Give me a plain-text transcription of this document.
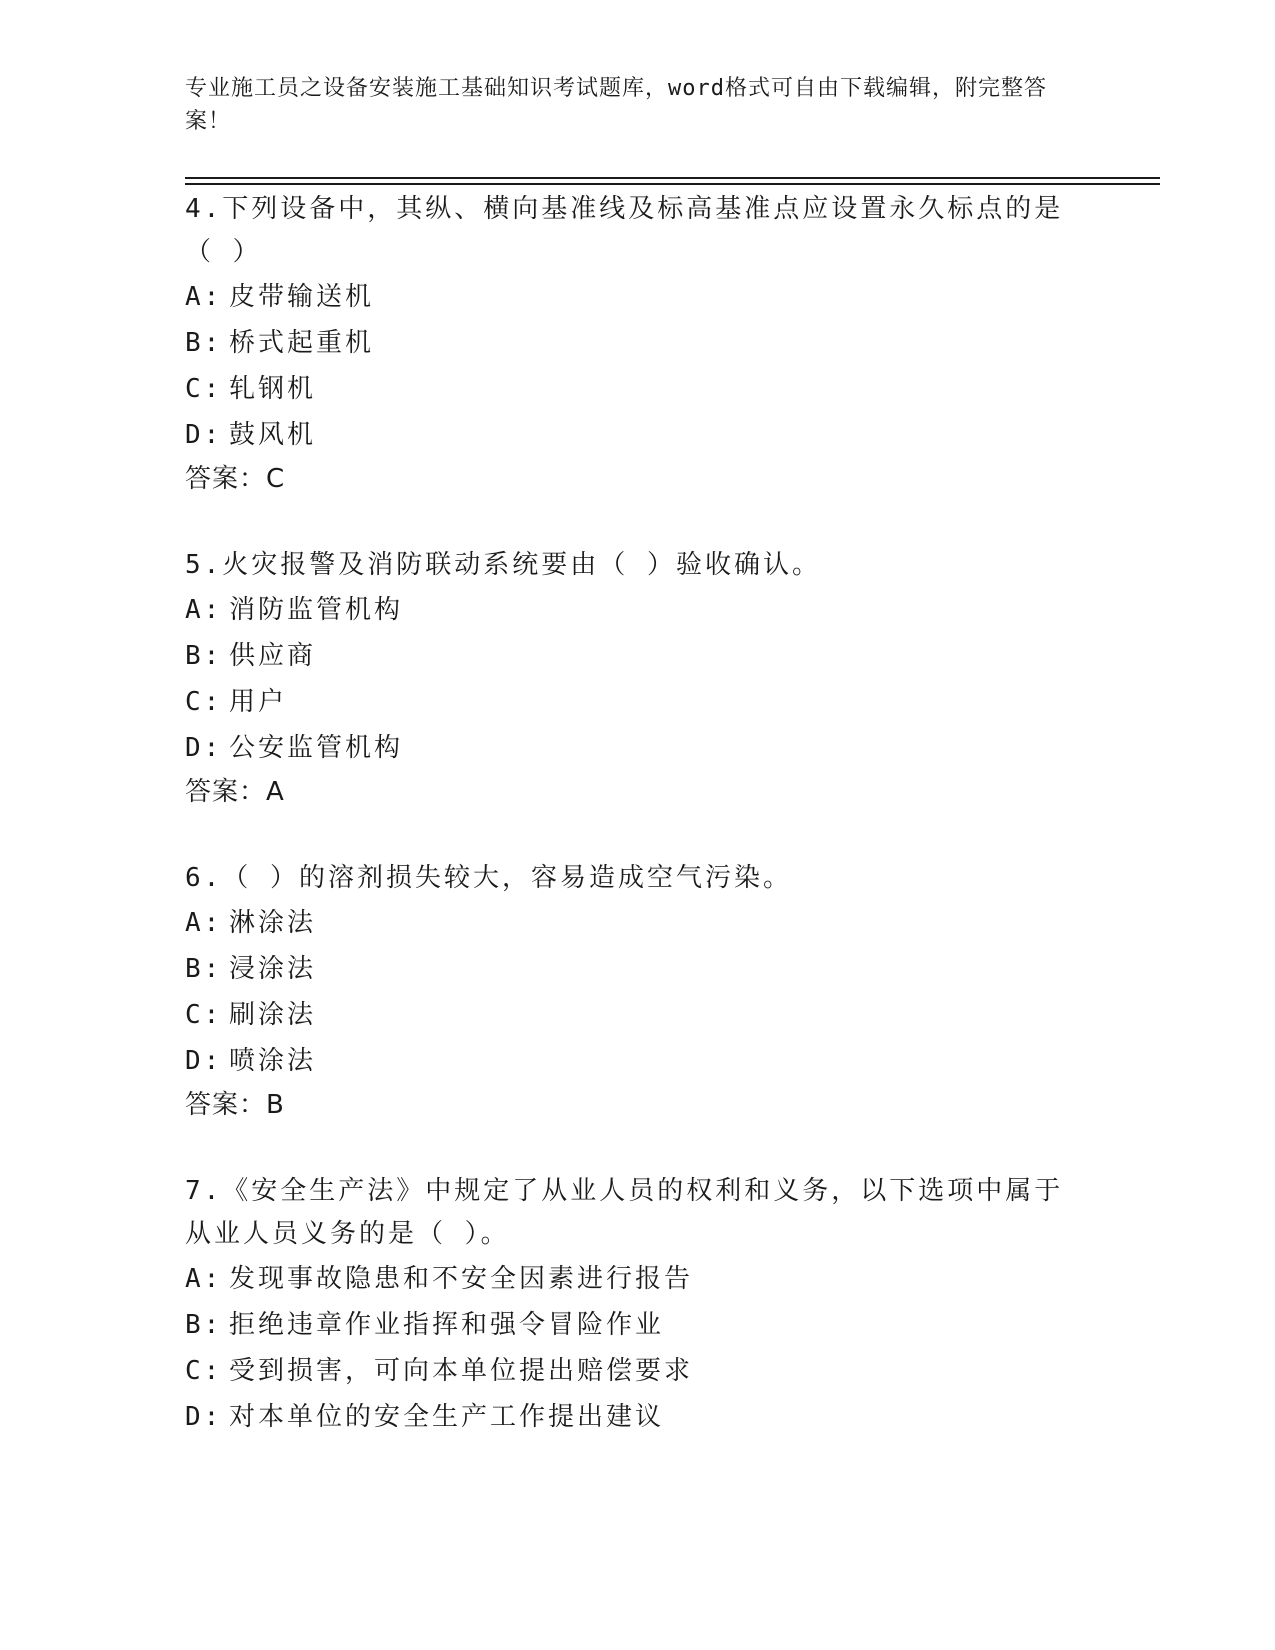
专业施工员之设备安装施工基础知识考试题库，word格式可自由下载编辑，附完整答案！

4.下列设备中，其纵、横向基准线及标高基准点应设置永久标点的是（ ）

A: 皮带输送机

B: 桥式起重机

C: 轧钢机

D: 鼓风机

答案：C

5.火灾报警及消防联动系统要由（ ）验收确认。

A: 消防监管机构

B: 供应商

C: 用户

D: 公安监管机构

答案：A

6.（ ）的溶剂损失较大，容易造成空气污染。

A: 淋涂法

B: 浸涂法

C: 刷涂法

D: 喷涂法

答案：B

7.《安全生产法》中规定了从业人员的权利和义务，以下选项中属于从业人员义务的是（ ）。

A: 发现事故隐患和不安全因素进行报告

B: 拒绝违章作业指挥和强令冒险作业

C: 受到损害，可向本单位提出赔偿要求

D: 对本单位的安全生产工作提出建议
